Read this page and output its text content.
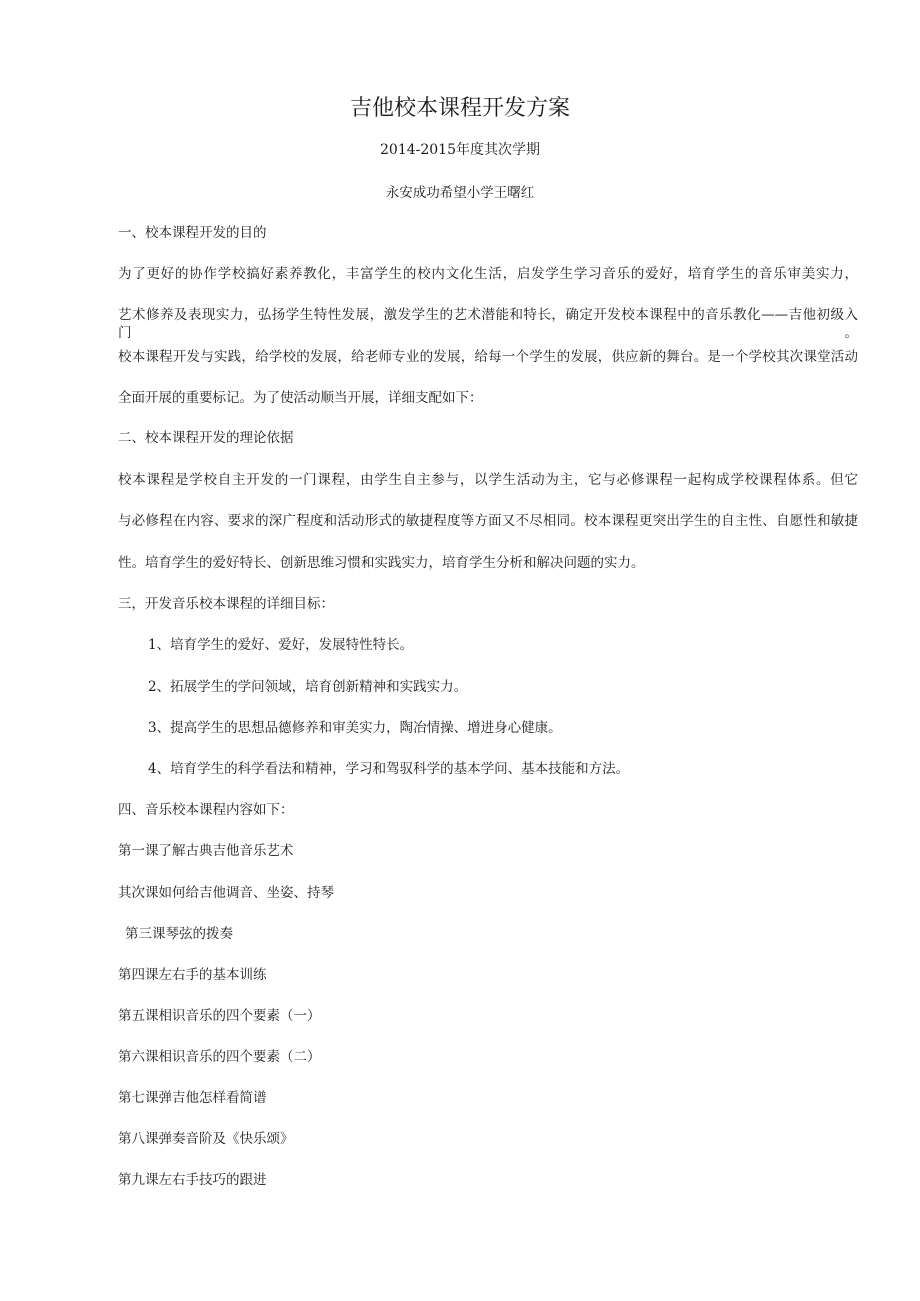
吉他校本课程开发方案
2014-2015年度其次学期
永安成功希望小学王曙红
一、校本课程开发的目的
为了更好的协作学校搞好素养教化，丰富学生的校内文化生活，启发学生学习音乐的爱好，培育学生的音乐审美实力，
艺术修养及表现实力，弘扬学生特性发展，激发学生的艺术潜能和特长，确定开发校本课程中的音乐教化——吉他初级入门。
校本课程开发与实践，给学校的发展，给老师专业的发展，给每一个学生的发展，供应新的舞台。是一个学校其次课堂活动
全面开展的重要标记。为了使活动顺当开展，详细支配如下：
二、校本课程开发的理论依据
校本课程是学校自主开发的一门课程，由学生自主参与，以学生活动为主，它与必修课程一起构成学校课程体系。但它
与必修程在内容、要求的深广程度和活动形式的敏捷程度等方面又不尽相同。校本课程更突出学生的自主性、自愿性和敏捷
性。培育学生的爱好特长、创新思维习惯和实践实力，培育学生分析和解决问题的实力。
三，开发音乐校本课程的详细目标：
1、培育学生的爱好、爱好，发展特性特长。
2、拓展学生的学问领域，培育创新精神和实践实力。
3、提高学生的思想品德修养和审美实力，陶冶情操、增进身心健康。
4、培育学生的科学看法和精神，学习和驾驭科学的基本学问、基本技能和方法。
四、音乐校本课程内容如下：
第一课了解古典吉他音乐艺术
其次课如何给吉他调音、坐姿、持琴
第三课琴弦的拨奏
第四课左右手的基本训练
第五课相识音乐的四个要素（一）
第六课相识音乐的四个要素（二）
第七课弹吉他怎样看简谱
第八课弹奏音阶及《快乐颂》
第九课左右手技巧的跟进
